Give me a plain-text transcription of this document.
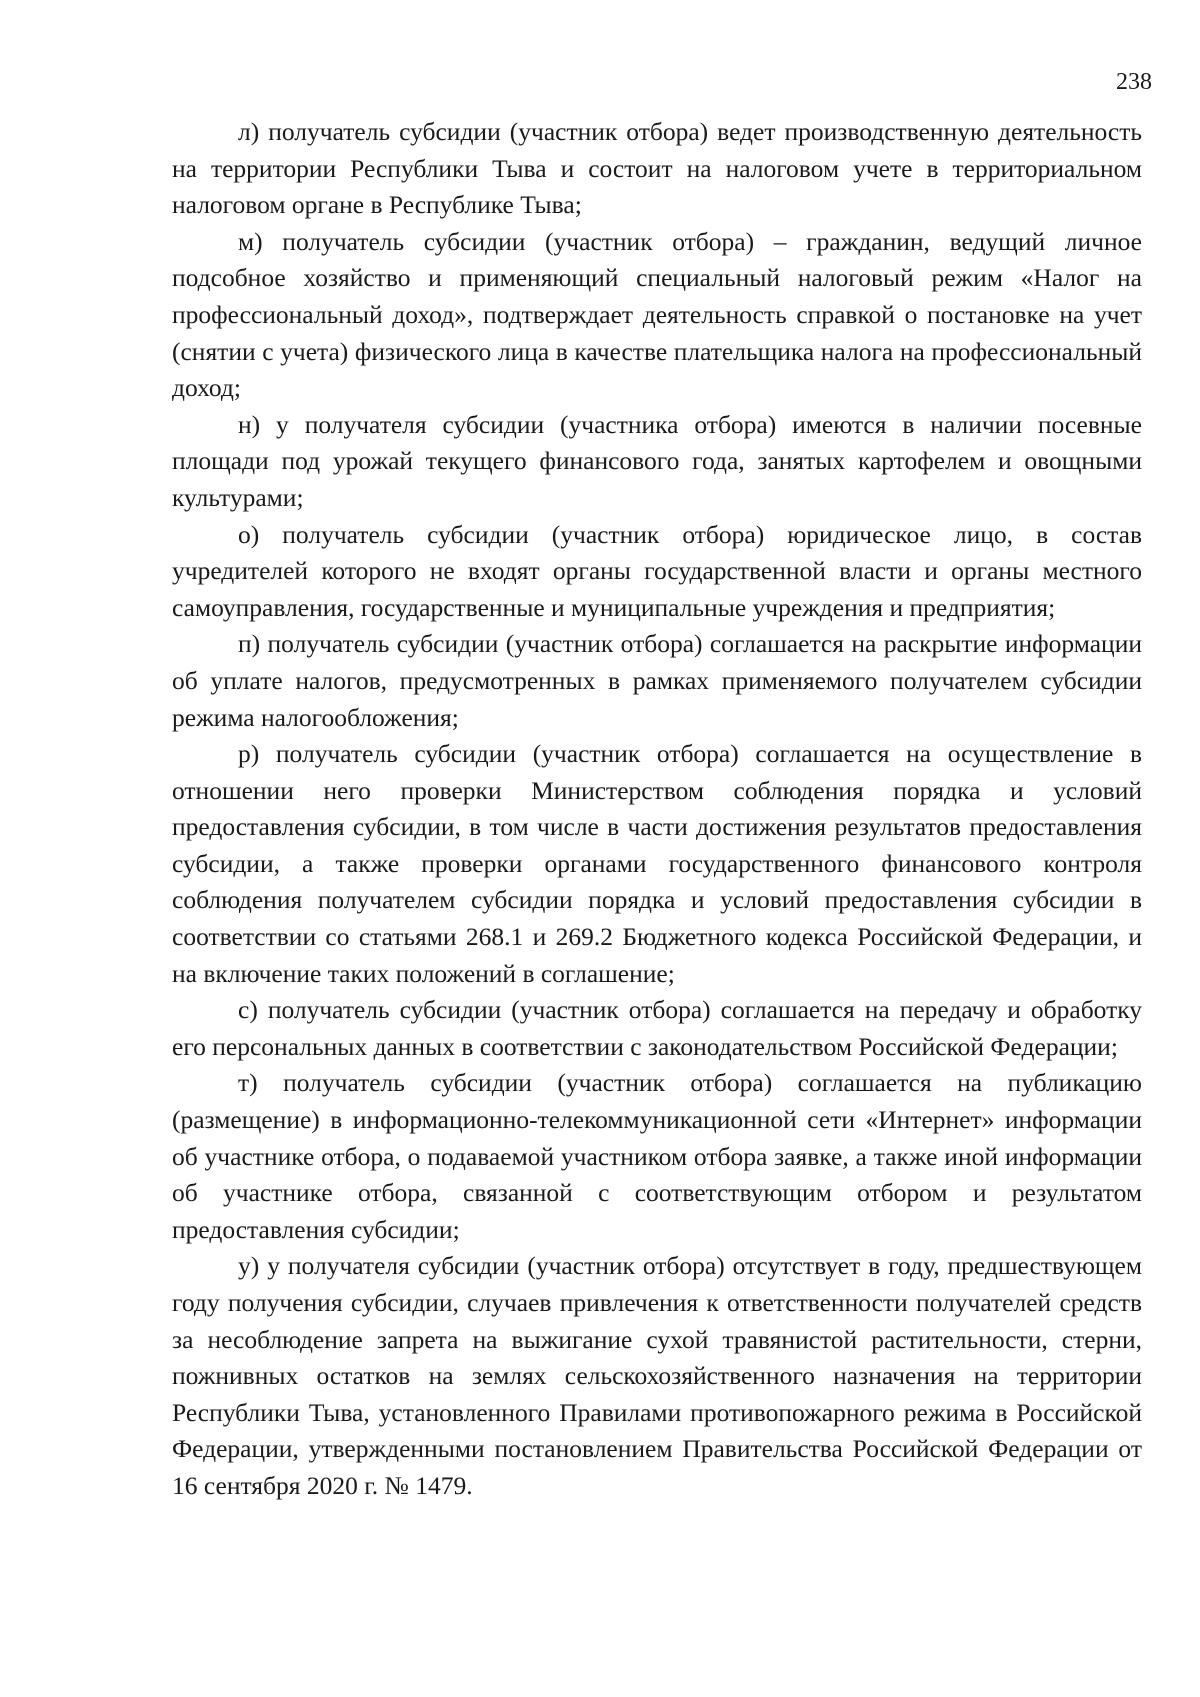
238

л) получатель субсидии (участник отбора) ведет производственную деятельность на территории Республики Тыва и состоит на налоговом учете в территориальном налоговом органе в Республике Тыва;

м) получатель субсидии (участник отбора) – гражданин, ведущий личное подсобное хозяйство и применяющий специальный налоговый режим «Налог на профессиональный доход», подтверждает деятельность справкой о постановке на учет (снятии с учета) физического лица в качестве плательщика налога на профессиональный доход;

н) у получателя субсидии (участника отбора) имеются в наличии посевные площади под урожай текущего финансового года, занятых картофелем и овощными культурами;

о) получатель субсидии (участник отбора) юридическое лицо, в состав учредителей которого не входят органы государственной власти и органы местного самоуправления, государственные и муниципальные учреждения и предприятия;

п) получатель субсидии (участник отбора) соглашается на раскрытие информации об уплате налогов, предусмотренных в рамках применяемого получателем субсидии режима налогообложения;

р) получатель субсидии (участник отбора) соглашается на осуществление в отношении него проверки Министерством соблюдения порядка и условий предоставления субсидии, в том числе в части достижения результатов предоставления субсидии, а также проверки органами государственного финансового контроля соблюдения получателем субсидии порядка и условий предоставления субсидии в соответствии со статьями 268.1 и 269.2 Бюджетного кодекса Российской Федерации, и на включение таких положений в соглашение;

с) получатель субсидии (участник отбора) соглашается на передачу и обработку его персональных данных в соответствии с законодательством Российской Федерации;

т) получатель субсидии (участник отбора) соглашается на публикацию (размещение) в информационно-телекоммуникационной сети «Интернет» информации об участнике отбора, о подаваемой участником отбора заявке, а также иной информации об участнике отбора, связанной с соответствующим отбором и результатом предоставления субсидии;

у) у получателя субсидии (участник отбора) отсутствует в году, предшествующем году получения субсидии, случаев привлечения к ответственности получателей средств за несоблюдение запрета на выжигание сухой травянистой растительности, стерни, пожнивных остатков на землях сельскохозяйственного назначения на территории Республики Тыва, установленного Правилами противопожарного режима в Российской Федерации, утвержденными постановлением Правительства Российской Федерации от 16 сентября 2020 г. № 1479.
